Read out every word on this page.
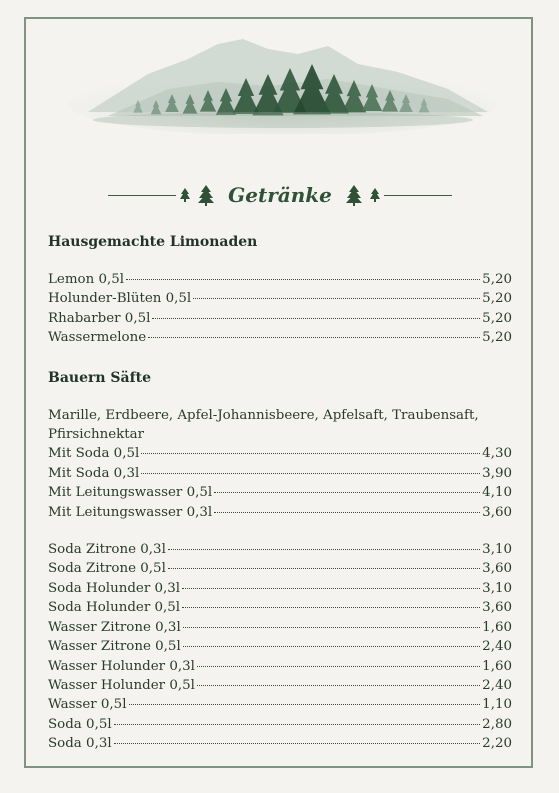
Getränke
Hausgemachte Limonaden
Lemon 0,5l	5,20
Holunder-Blüten 0,5l	5,20
Rhabarber 0,5l	5,20
Wassermelone	5,20
Bauern Säfte

Marille, Erdbeere, Apfel-Johannisbeere, Apfelsaft, Traubensaft, Pfirsichnektar

Mit Soda 0,5l	4,30
Mit Soda 0,3l	3,90
Mit Leitungswasser 0,5l	4,10
Mit Leitungswasser 0,3l	3,60
Soda Zitrone 0,3l	3,10
Soda Zitrone 0,5l	3,60
Soda Holunder 0,3l	3,10
Soda Holunder 0,5l	3,60
Wasser Zitrone 0,3l	1,60
Wasser Zitrone 0,5l	2,40
Wasser Holunder 0,3l	1,60
Wasser Holunder 0,5l	2,40
Wasser 0,5l	1,10
Soda 0,5l	2,80
Soda 0,3l	2,20
